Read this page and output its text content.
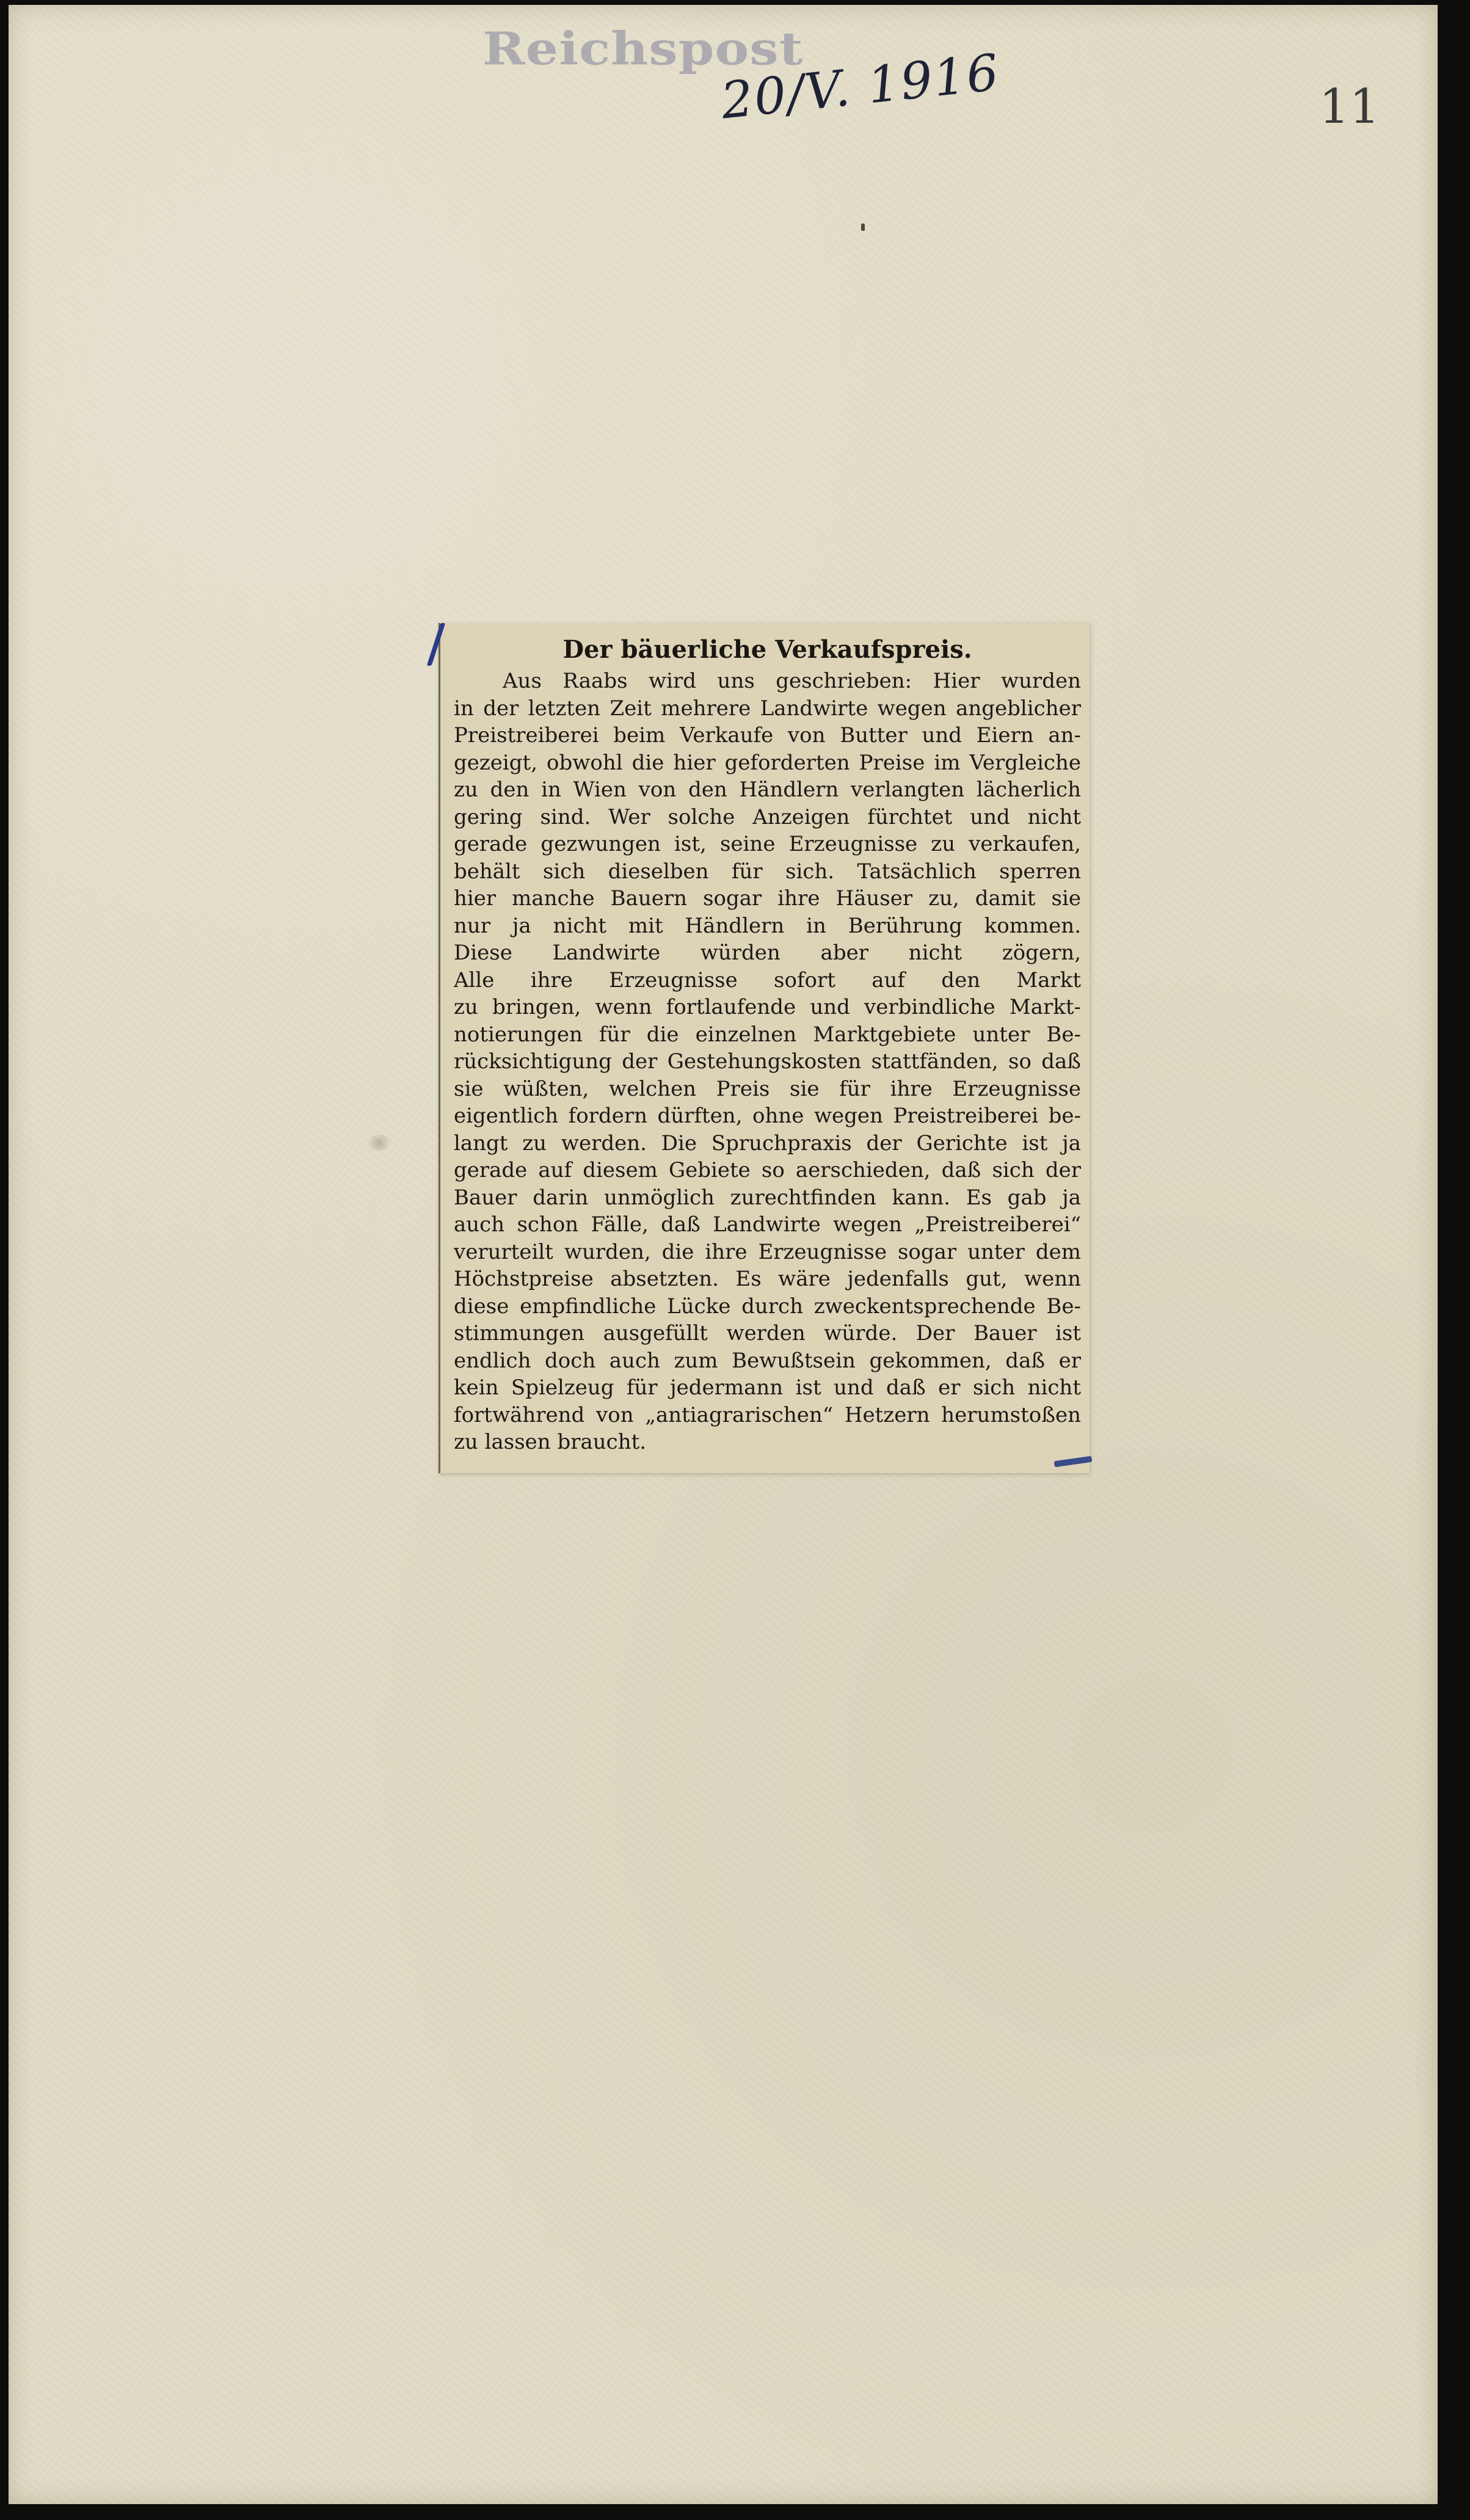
Reichspost
20/V. 1916	11
Der bäuerliche Verkaufspreis.
Aus Raabs wird uns geschrieben: Hier wurden
in der letzten Zeit mehrere Landwirte wegen angeblicher
Preistreiberei beim Verkaufe von Butter und Eiern an-
gezeigt, obwohl die hier geforderten Preise im Vergleiche
zu den in Wien von den Händlern verlangten lächerlich
gering sind. Wer solche Anzeigen fürchtet und nicht
gerade gezwungen ist, seine Erzeugnisse zu verkaufen,
behält sich dieselben für sich. Tatsächlich sperren
hier manche Bauern sogar ihre Häuser zu, damit sie
nur ja nicht mit Händlern in Berührung kommen.
Diese Landwirte würden aber nicht zögern,
Alle ihre Erzeugnisse sofort auf den Markt
zu bringen, wenn fortlaufende und verbindliche Markt-
notierungen für die einzelnen Marktgebiete unter Be-
rücksichtigung der Gestehungskosten stattfänden, so daß
sie wüßten, welchen Preis sie für ihre Erzeugnisse
eigentlich fordern dürften, ohne wegen Preistreiberei be-
langt zu werden. Die Spruchpraxis der Gerichte ist ja
gerade auf diesem Gebiete so aerschieden, daß sich der
Bauer darin unmöglich zurechtfinden kann. Es gab ja
auch schon Fälle, daß Landwirte wegen „Preistreiberei“
verurteilt wurden, die ihre Erzeugnisse sogar unter dem
Höchstpreise absetzten. Es wäre jedenfalls gut, wenn
diese empfindliche Lücke durch zweckentsprechende Be-
stimmungen ausgefüllt werden würde. Der Bauer ist
endlich doch auch zum Bewußtsein gekommen, daß er
kein Spielzeug für jedermann ist und daß er sich nicht
fortwährend von „antiagrarischen“ Hetzern herumstoßen
zu lassen braucht.
